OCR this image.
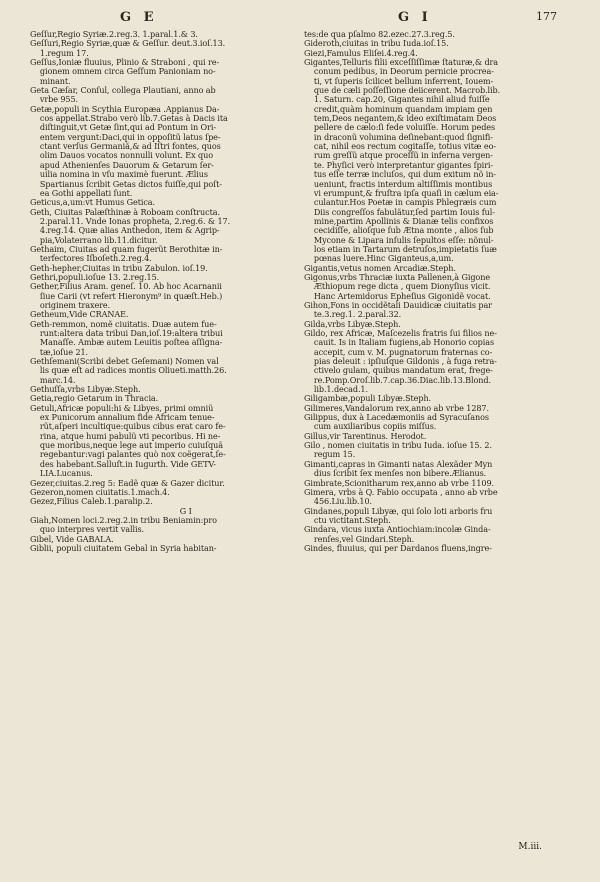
G E	G I	177
Geſſur,Regio Syriæ.2.reg.3. 1.paral.1.& 3.
Geſſuri,Regio Syriæ,quæ & Geſſur. deut.3.ioſ.13.
1.regum 17.
Geſſus,Ioniæ fluuius, Plinio & Straboni , qui re-
gionem omnem circa Geſſum Panioniam no-
minant.
Geta Cæſar, Conſul, collega Plautiani, anno ab
vrbe 955.
Getæ,populi in Scythia Europæa .Appianus Da-
cos appellat.Strabo verò lib.7.Getas à Dacis ita
diſtinguit,vt Getæ ſint,qui ad Pontum in Ori-
entem vergunt:Daci,qui in oppoſitũ latus ſpe-
ctant verſus Germaniã,& ad Iſtri fontes, quos
olim Dauos vocatos nonnulli volunt. Ex quo
apud Athenienſes Dauorum & Getarum ſer-
uilia nomina in vſu maximè fuerunt. Ælius
Spartianus ſcribit Getas dictos fuiſſe,qui poſt-
ea Gothi appellati ſunt.
Geticus,a,um:vt Humus Getica.
Geth, Ciuitas Palæſthinæ à Roboam conſtructa.
2.paral.11. Vnde Ionas propheta, 2.reg.6. & 17.
4.reg.14. Quæ alias Anthedon, item & Agrip-
pia,Volaterrano lib.11.dicitur.
Gethaim, Ciuitas ad quam fugerũt Berothitæ in-
terfectores Iſboſeth.2.reg.4.
Geth-hepher,Ciuitas in tribu Zabulon. ioſ.19.
Gethri,populi.ioſue 13. 2.reg.15.
Gether,Filius Aram. geneſ. 10. Ab hoc Acarnanii
ſiue Carii (vt refert Hieronym⁹ in quæſt.Heb.)
originem traxere.
Getheum,Vide CRANAE.
Geth-remmon, nomẽ ciuitatis. Duæ autem fue-
runt:altera data tribui Dan,ioſ.19:altera tribui
Manaſſe. Ambæ autem Leuitis poſtea aſſigna-
tæ,ioſue 21.
Gethſemani(Scribi debet Geſemani) Nomen val
lis quæ eſt ad radices montis Oliueti.matth.26.
marc.14.
Gethuſſa,vrbs Libyæ.Steph.
Getia,regio Getarum in Thracia.
Getuli,Africæ populi:hi & Libyes, primi omniũ
ex Punicorum annalium fide Africam tenue-
rũt,aſperi incultique:quibus cibus erat caro fe-
rina, atque humi pabulũ vti pecoribus. Hi ne-
que moribus,neque lege aut imperio cuiuſquã
regebantur:vagi palantes quò nox coëgerat,ſe-
des habebant.Salluſt.in Iugurth. Vide GETV-
LIA.Lucanus.
Gezer,ciuitas.2.reg 5: Eadẽ quæ & Gazer dicitur.
Gezeron,nomen ciuitatis.1.mach.4.
Gezez,Filius Caleb.1.paralip.2.
G I
Giah,Nomen loci.2.reg.2.in tribu Beniamin:pro
quo interpres vertit vallis.
Gibel, Vide GABALA.
Giblii, populi ciuitatem Gebal in Syria habitan-
tes:de qua pſalmo 82.ezec.27.3.reg.5.
Gideroth,ciuitas in tribu Iuda.ioſ.15.
Giezi,Famulus Eliſei.4.reg.4.
Gigantes,Telluris filii exceſſiſſimæ ſtaturæ,& dra
conum pedibus, in Deorum pernicie procrea-
ti, vt ſuperis ſcilicet bellum inferrent, Iouem-
que de cæli poſſeſſione deiicerent. Macrob.lib.
1. Saturn. cap.20, Gigantes nihil aliud fuiſſe
credit,quàm hominum quandam impiam gen
tem,Deos negantem,& ideo exiſtimatam Deos
pellere de cælo:ſi fede voluiſſe. Horum pedes
in draconũ volumina deſinebant:quod ſignifi-
cat, nihil eos rectum cogitaſſe, totius vitæ eo-
rum greſſũ atque proceſſũ in inferna vergen-
te. Phyſici verò interpretantur gigantes ſpiri-
tus eſſe terræ incluſos, qui dum exitum nõ in-
ueniunt, fractis interdum altiſſimis montibus
vi erumpunt,& fruſtra ipſa quaſi in cælum eia-
culantur.Hos Poetæ in campis Phlegræis cum
Diis congreſſos fabulãtur,ſed partim Iouis ful-
mine,partim Apollinis & Dianæ telis confixos
cecidiſſe, alioſque ſub Ætna monte , alios ſub
Mycone & Lipara inſulis ſepultos eſſe: nõnul-
los etiam in Tartarum detruſos,impietatis ſuæ
pœnas luere.Hinc Giganteus,a,um.
Gigantis,vetus nomen Arcadiæ.Steph.
Gigonus,vrbs Thraciæ iuxta Pallenen,à Gigone
Æthiopum rege dicta , quem Dionyſius vicit.
Hanc Artemidorus Epheſius Gigonidẽ vocat.
Gihon,Fons in occidẽtali Dauidicæ ciuitatis par
te.3.reg.1. 2.paral.32.
Gilda,vrbs Libyæ.Steph.
Gildo, rex Africæ, Maſcezelis fratris ſui filios ne-
cauit. Is in Italiam fugiens,ab Honorio copias
accepit, cum v. M. pugnatorum fraternas co-
pias deleuit : ipſiuſque Gildonis , à fuga retra-
ctivelo gulam, quibus mandatum erat, frege-
re.Pomp.Oroſ.lib.7.cap.36.Diac.lib.13.Blond.
lib.1.decad.1.
Giligambæ,populi Libyæ.Steph.
Gilimeres,Vandalorum rex,anno ab vrbe 1287.
Gilippus, dux à Lacedæmoniis ad Syracuſanos
cum auxiliaribus copiis miſſus.
Gillus,vir Tarentinus. Herodot.
Gilo , nomen ciuitatis in tribu Iuda. ioſue 15. 2.
regum 15.
Gimanti,capras in Gimanti natas Alexãder Myn
dius ſcribit ſex menſes non bibere.Ælianus.
Gimbrate,Scionitharum rex,anno ab vrbe 1109.
Gimera, vrbs à Q. Fabio occupata , anno ab vrbe
456.Liu.lib.10.
Gindanes,populi Libyæ, qui ſolo loti arboris fru
ctu victitant.Steph.
Gindara, vicus iuxta Antiochiam:incolæ Ginda-
renſes,vel Gindari.Steph.
Gindes, fluuius, qui per Dardanos fluens,ingre-
M.iii.
